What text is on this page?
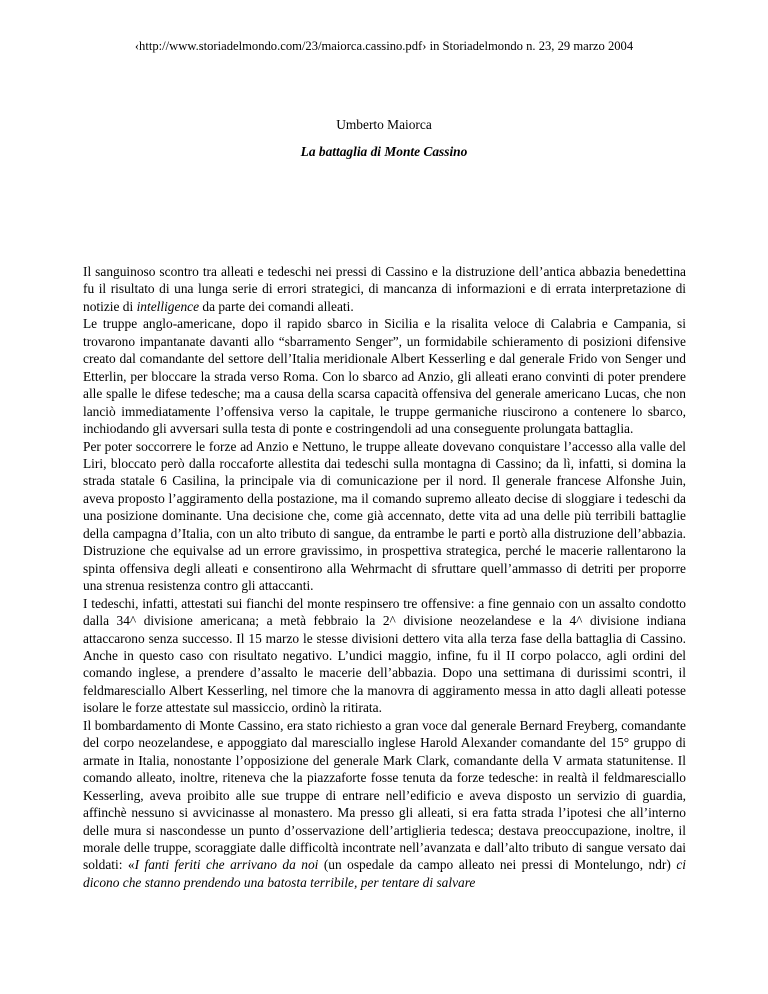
‹http://www.storiadelmondo.com/23/maiorca.cassino.pdf› in Storiadelmondo n. 23, 29 marzo 2004
Umberto Maiorca
La battaglia di Monte Cassino

Il sanguinoso scontro tra alleati e tedeschi nei pressi di Cassino e la distruzione dell’antica abbazia benedettina fu il risultato di una lunga serie di errori strategici, di mancanza di informazioni e di errata interpretazione di notizie di intelligence da parte dei comandi alleati.

Le truppe anglo-americane, dopo il rapido sbarco in Sicilia e la risalita veloce di Calabria e Campania, si trovarono impantanate davanti allo “sbarramento Senger”, un formidabile schieramento di posizioni difensive creato dal comandante del settore dell’Italia meridionale Albert Kesserling e dal generale Frido von Senger und Etterlin, per bloccare la strada verso Roma. Con lo sbarco ad Anzio, gli alleati erano convinti di poter prendere alle spalle le difese tedesche; ma a causa della scarsa capacità offensiva del generale americano Lucas, che non lanciò immediatamente l’offensiva verso la capitale, le truppe germaniche riuscirono a contenere lo sbarco, inchiodando gli avversari sulla testa di ponte e costringendoli ad una conseguente prolungata battaglia.

Per poter soccorrere le forze ad Anzio e Nettuno, le truppe alleate dovevano conquistare l’accesso alla valle del Liri, bloccato però dalla roccaforte allestita dai tedeschi sulla montagna di Cassino; da lì, infatti, si domina la strada statale 6 Casilina, la principale via di comunicazione per il nord. Il generale francese Alfonshe Juin, aveva proposto l’aggiramento della postazione, ma il comando supremo alleato decise di sloggiare i tedeschi da una posizione dominante. Una decisione che, come già accennato, dette vita ad una delle più terribili battaglie della campagna d’Italia, con un alto tributo di sangue, da entrambe le parti e portò alla distruzione dell’abbazia. Distruzione che equivalse ad un errore gravissimo, in prospettiva strategica, perché le macerie rallentarono la spinta offensiva degli alleati e consentirono alla Wehrmacht di sfruttare quell’ammasso di detriti per proporre una strenua resistenza contro gli attaccanti.

I tedeschi, infatti, attestati sui fianchi del monte respinsero tre offensive: a fine gennaio con un assalto condotto dalla 34^ divisione americana; a metà febbraio la 2^ divisione neozelandese e la 4^ divisione indiana attaccarono senza successo. Il 15 marzo le stesse divisioni dettero vita alla terza fase della battaglia di Cassino. Anche in questo caso con risultato negativo. L’undici maggio, infine, fu il II corpo polacco, agli ordini del comando inglese, a prendere d’assalto le macerie dell’abbazia. Dopo una settimana di durissimi scontri, il feldmaresciallo Albert Kesserling, nel timore che la manovra di aggiramento messa in atto dagli alleati potesse isolare le forze attestate sul massiccio, ordinò la ritirata.

Il bombardamento di Monte Cassino, era stato richiesto a gran voce dal generale Bernard Freyberg, comandante del corpo neozelandese, e appoggiato dal maresciallo inglese Harold Alexander comandante del 15° gruppo di armate in Italia, nonostante l’opposizione del generale Mark Clark, comandante della V armata statunitense. Il comando alleato, inoltre, riteneva che la piazzaforte fosse tenuta da forze tedesche: in realtà il feldmaresciallo Kesserling, aveva proibito alle sue truppe di entrare nell’edificio e aveva disposto un servizio di guardia, affinchè nessuno si avvicinasse al monastero. Ma presso gli alleati, si era fatta strada l’ipotesi che all’interno delle mura si nascondesse un punto d’osservazione dell’artiglieria tedesca; destava preoccupazione, inoltre, il morale delle truppe, scoraggiate dalle difficoltà incontrate nell’avanzata e dall’alto tributo di sangue versato dai soldati: «I fanti feriti che arrivano da noi (un ospedale da campo alleato nei pressi di Montelungo, ndr) ci dicono che stanno prendendo una batosta terribile, per tentare di salvare
